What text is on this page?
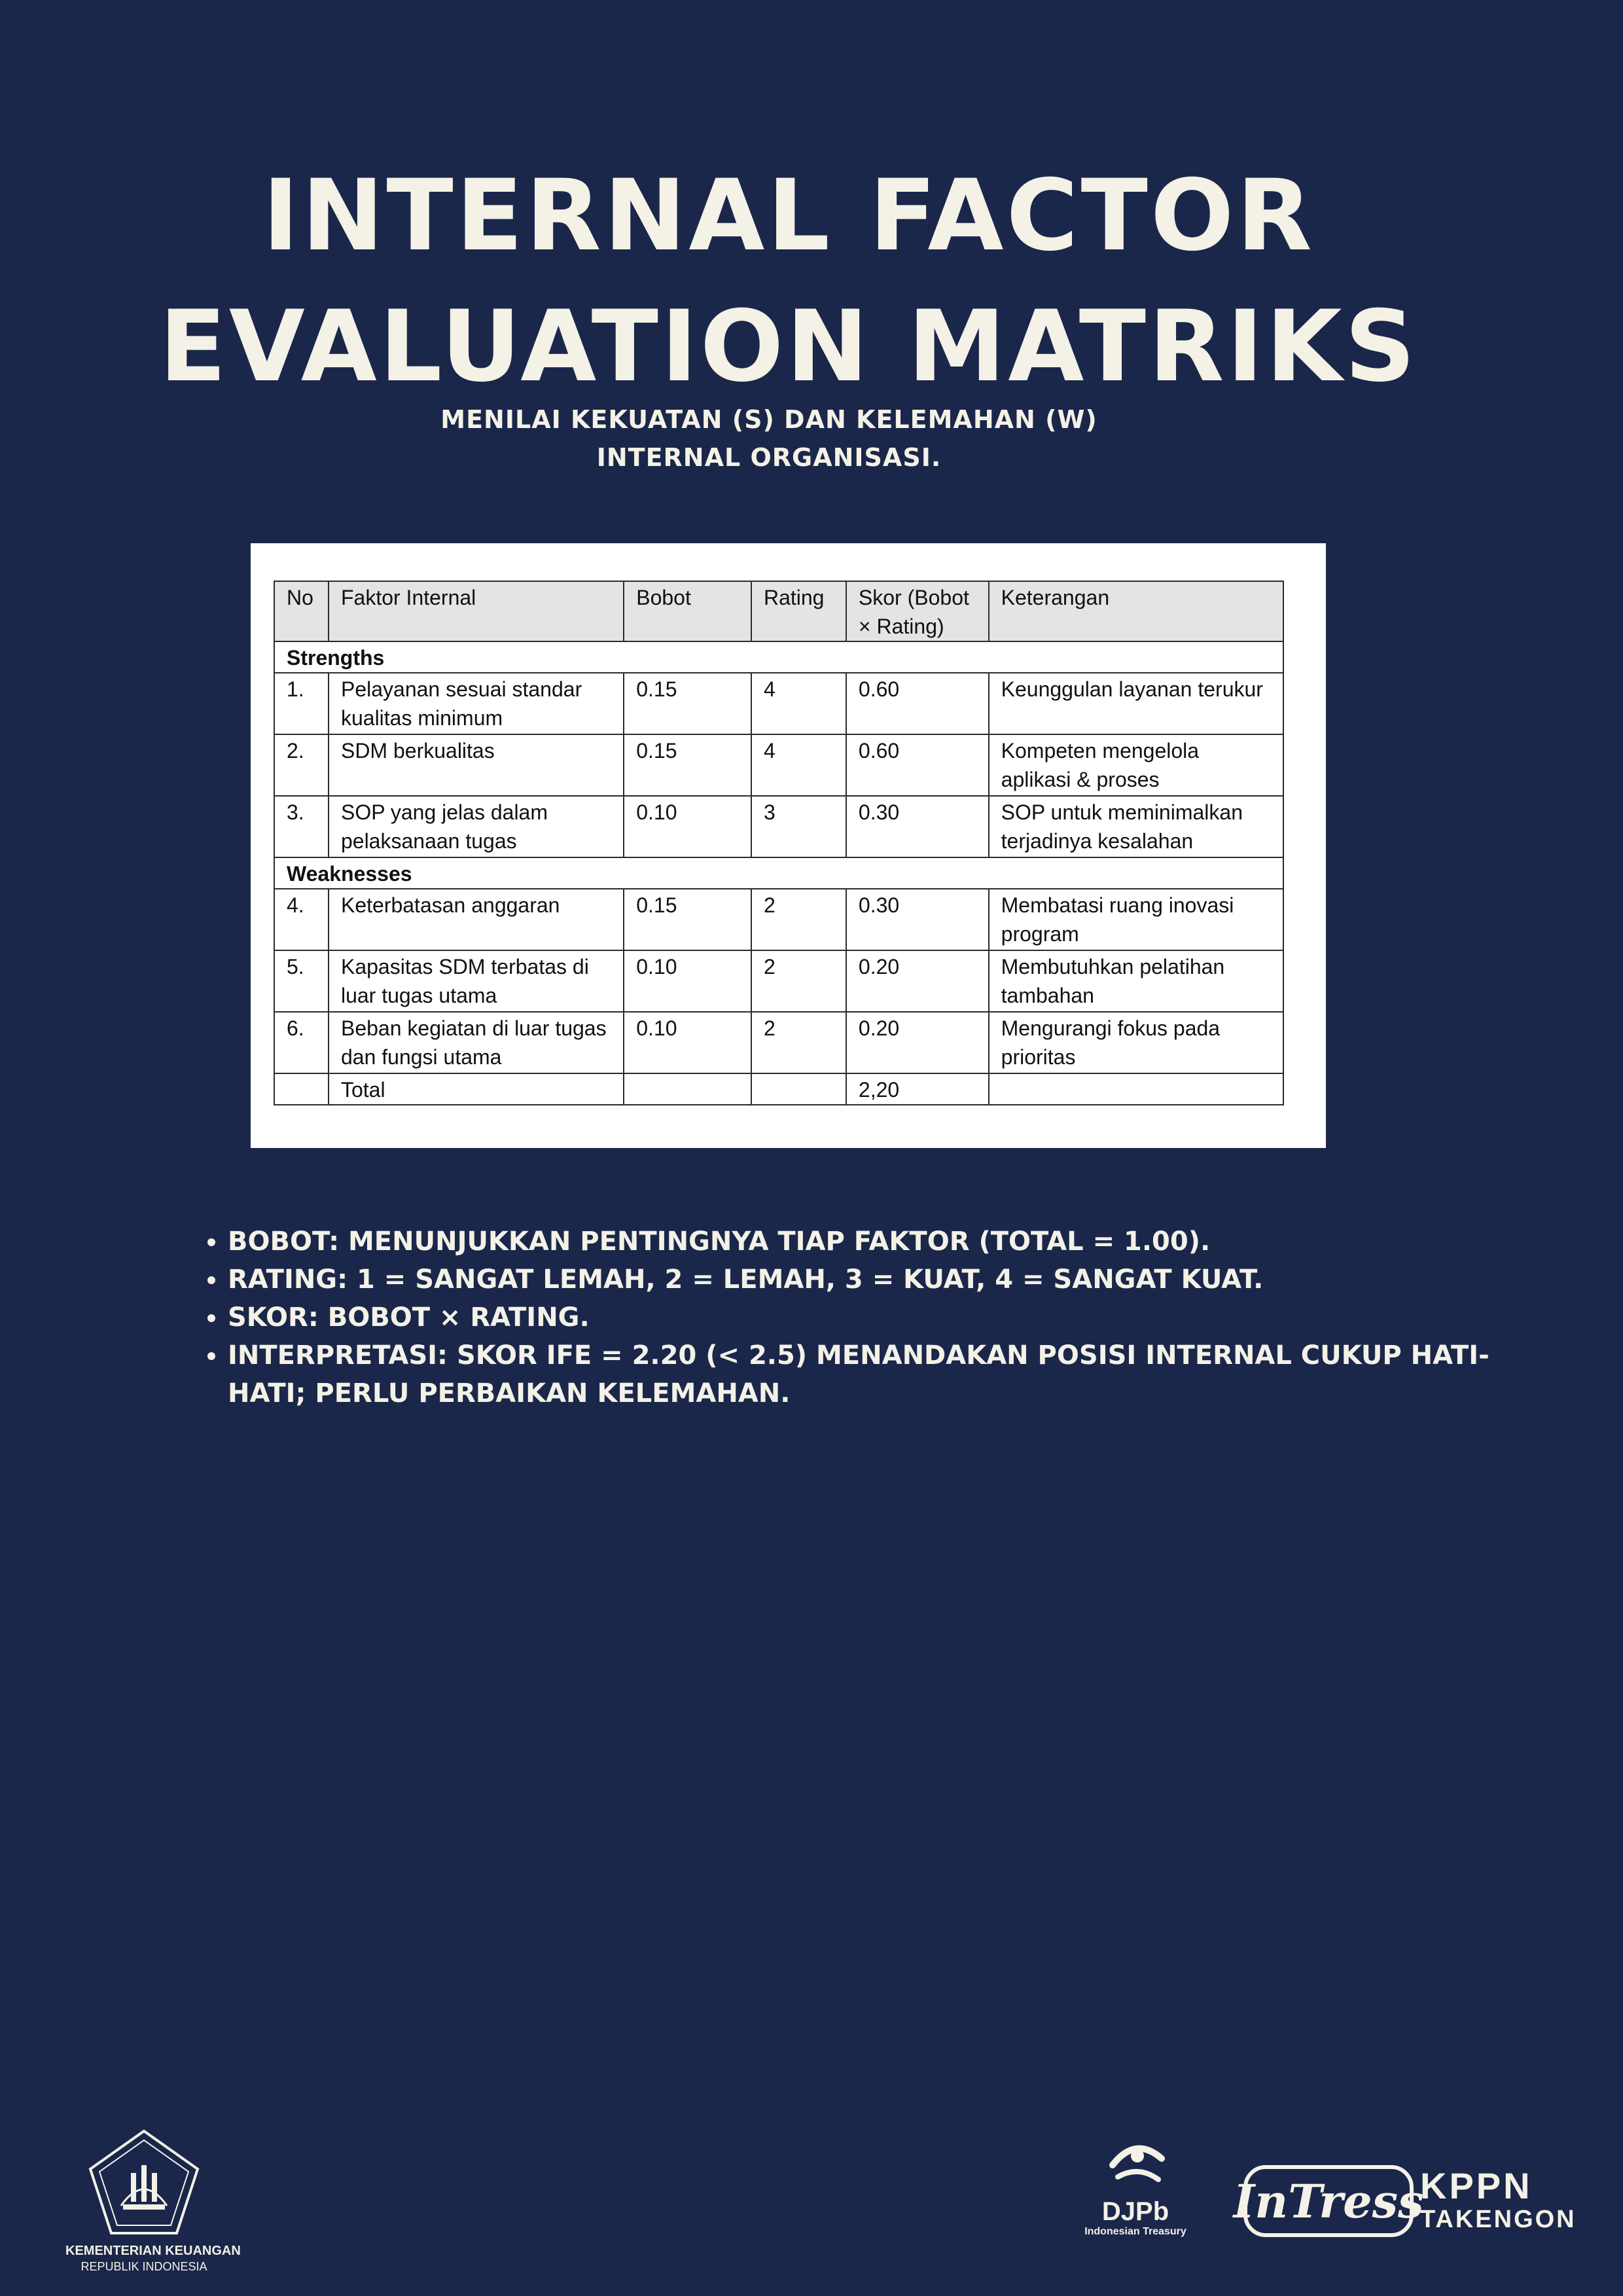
INTERNAL FACTOR
EVALUATION MATRIKS
MENILAI KEKUATAN (S) DAN KELEMAHAN (W)
INTERNAL ORGANISASI.
No	Faktor Internal	Bobot	Rating	Skor (Bobot × Rating)	Keterangan
Strengths					
1.	Pelayanan sesuai standar kualitas minimum	0.15	4	0.60	Keunggulan layanan terukur
2.	SDM berkualitas	0.15	4	0.60	Kompeten mengelola aplikasi & proses
3.	SOP yang jelas dalam pelaksanaan tugas	0.10	3	0.30	SOP untuk meminimalkan terjadinya kesalahan
Weaknesses					
4.	Keterbatasan anggaran	0.15	2	0.30	Membatasi ruang inovasi program
5.	Kapasitas SDM terbatas di luar tugas utama	0.10	2	0.20	Membutuhkan pelatihan tambahan
6.	Beban kegiatan di luar tugas dan fungsi utama	0.10	2	0.20	Mengurangi fokus pada prioritas
	Total			2,20	
• BOBOT: MENUNJUKKAN PENTINGNYA TIAP FAKTOR (TOTAL = 1.00).
• RATING: 1 = SANGAT LEMAH, 2 = LEMAH, 3 = KUAT, 4 = SANGAT KUAT.
• SKOR: BOBOT × RATING.
• INTERPRETASI: SKOR IFE = 2.20 (< 2.5) MENANDAKAN POSISI INTERNAL CUKUP HATI-HATI; PERLU PERBAIKAN KELEMAHAN.
KEMENTERIAN KEUANGAN
REPUBLIK INDONESIA
DJPb
Indonesian Treasury
InTress
KPPN
TAKENGON
